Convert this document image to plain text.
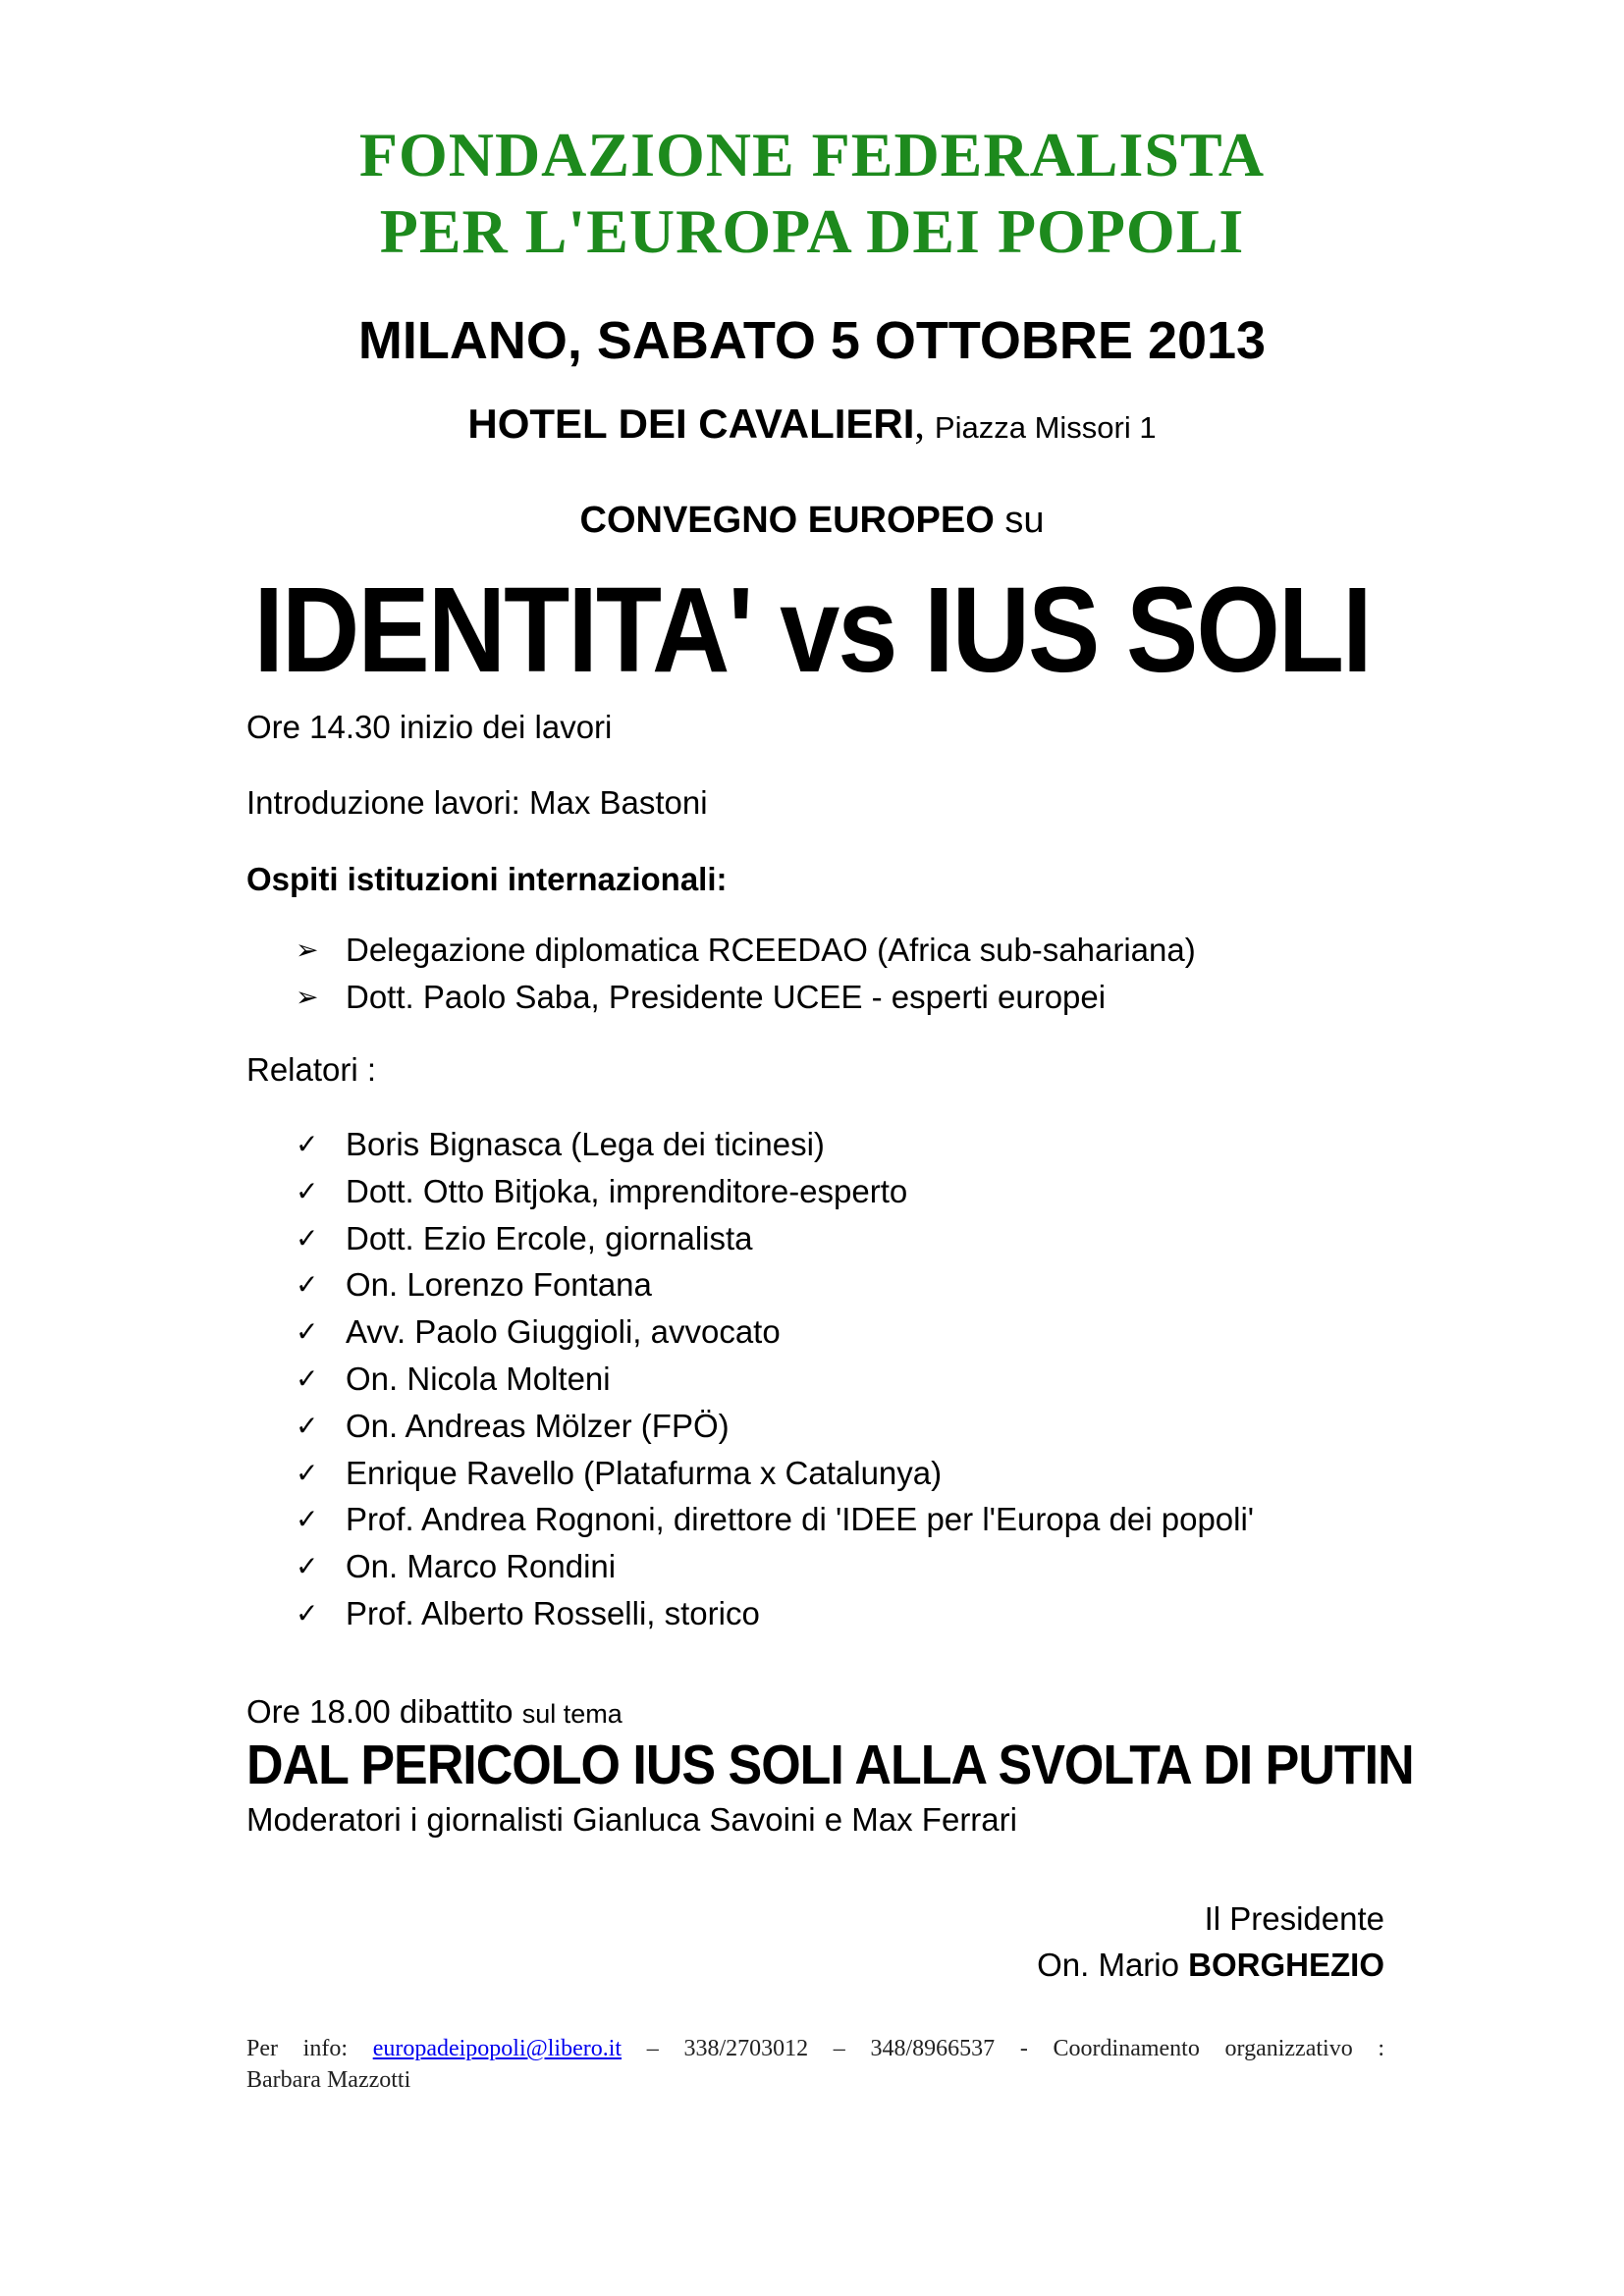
FONDAZIONE FEDERALISTA
PER L'EUROPA DEI POPOLI
MILANO, SABATO 5 OTTOBRE 2013
HOTEL DEI CAVALIERI, Piazza Missori 1
CONVEGNO EUROPEO su
IDENTITA' vs IUS SOLI
Ore 14.30 inizio dei lavori
Introduzione lavori: Max Bastoni
Ospiti istituzioni internazionali:
➢ Delegazione diplomatica RCEEDAO (Africa sub-sahariana)
➢ Dott. Paolo Saba, Presidente UCEE - esperti europei
Relatori :
✓ Boris Bignasca (Lega dei ticinesi)
✓ Dott. Otto Bitjoka, imprenditore-esperto
✓ Dott. Ezio Ercole, giornalista
✓ On. Lorenzo Fontana
✓ Avv. Paolo Giuggioli, avvocato
✓ On. Nicola Molteni
✓ On. Andreas Mölzer (FPÖ)
✓ Enrique Ravello (Platafurma x Catalunya)
✓ Prof. Andrea Rognoni, direttore di 'IDEE per l'Europa dei popoli'
✓ On. Marco Rondini
✓ Prof. Alberto Rosselli, storico
Ore 18.00 dibattito sul tema
DAL PERICOLO IUS SOLI ALLA SVOLTA DI PUTIN
Moderatori i giornalisti Gianluca Savoini e Max Ferrari
Il Presidente
On. Mario BORGHEZIO
Per info: europadeipopoli@libero.it – 338/2703012 – 348/8966537 - Coordinamento organizzativo :
Barbara Mazzotti
